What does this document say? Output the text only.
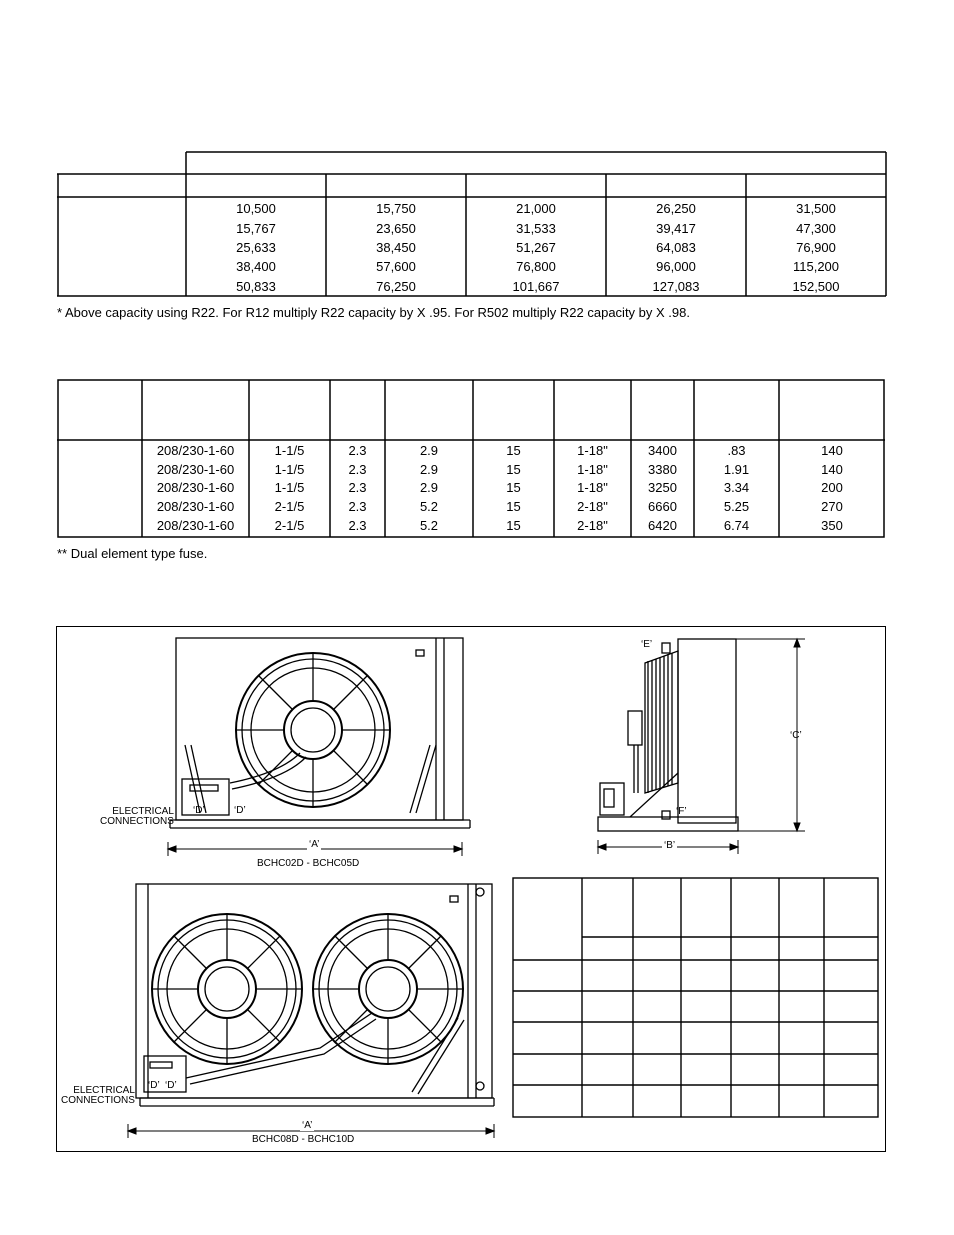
10,500	15,750	21,000	26,250	31,500
15,767	23,650	31,533	39,417	47,300
25,633	38,450	51,267	64,083	76,900
38,400	57,600	76,800	96,000	115,200
50,833	76,250	101,667	127,083	152,500
* Above capacity using R22. For R12 multiply R22 capacity by X .95. For R502 multiply R22 capacity by X .98.
208/230-1-60	1-1/5	2.3	2.9	15	1-18"	3400	.83	140
208/230-1-60	1-1/5	2.3	2.9	15	1-18"	3380	1.91	140
208/230-1-60	1-1/5	2.3	2.9	15	1-18"	3250	3.34	200
208/230-1-60	2-1/5	2.3	5.2	15	2-18"	6660	5.25	270
208/230-1-60	2-1/5	2.3	5.2	15	2-18"	6420	6.74	350
** Dual element type fuse.
‘D’	‘D’
‘A’
ELECTRICAL
CONNECTIONS
BCHC02D - BCHC05D
‘E’
‘F’
‘C’
‘B’
‘D’ ‘D’
ELECTRICAL
CONNECTIONS
‘A’
BCHC08D - BCHC10D
